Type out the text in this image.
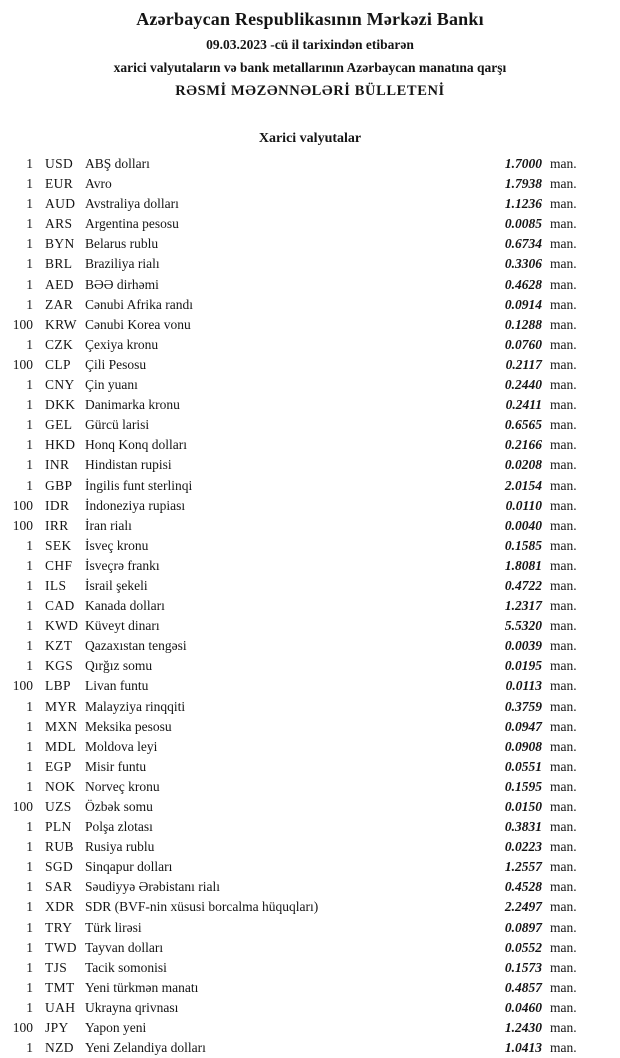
Azərbaycan Respublikasının Mərkəzi Bankı
09.03.2023 -cü il tarixindən etibarən
xarici valyutaların və bank metallarının Azərbaycan manatına qarşı
RƏSMİ MƏZƏNNƏLƏRİ BÜLLETENİ
Xarici valyutalar
1 USD ABŞ dolları	1.7000 man.
1 EUR Avro	1.7938 man.
1 AUD Avstraliya dolları	1.1236 man.
1 ARS Argentina pesosu	0.0085 man.
1 BYN Belarus rublu	0.6734 man.
1 BRL Braziliya rialı	0.3306 man.
1 AED BƏƏ dirhəmi	0.4628 man.
1 ZAR Cənubi Afrika randı	0.0914 man.
100 KRW Cənubi Korea vonu	0.1288 man.
1 CZK Çexiya kronu	0.0760 man.
100 CLP	Çili Pesosu	0.2117 man.
1 CNY Çin yuanı	0.2440 man.
1 DKK Danimarka kronu	0.2411 man.
1 GEL Gürcü larisi	0.6565 man.
1 HKD Honq Konq dolları	0.2166 man.
1 INR	Hindistan rupisi	0.0208 man.
1 GBP İngilis funt sterlinqi	2.0154 man.
100 IDR	İndoneziya rupiası	0.0110 man.
100 IRR	İran rialı	0.0040 man.
1 SEK İsveç kronu	0.1585 man.
1 CHF İsveçrə frankı	1.8081 man.
1 ILS	İsrail şekeli	0.4722 man.
1 CAD Kanada dolları	1.2317 man.
1 KWD Küveyt dinarı	5.5320 man.
1 KZT Qazaxıstan tengəsi	0.0039 man.
1 KGS Qırğız somu	0.0195 man.
100 LBP	Livan funtu	0.0113 man.
1 MYR Malayziya rinqqiti	0.3759 man.
1 MXN Meksika pesosu	0.0947 man.
1 MDL Moldova leyi	0.0908 man.
1 EGP Misir funtu	0.0551 man.
1 NOK Norveç kronu	0.1595 man.
100 UZS Özbək somu	0.0150 man.
1 PLN Polşa zlotası	0.3831 man.
1 RUB Rusiya rublu	0.0223 man.
1 SGD Sinqapur dolları	1.2557 man.
1 SAR Səudiyyə Ərəbistanı rialı	0.4528 man.
1 XDR SDR (BVF-nin xüsusi borcalma hüquqları)	2.2497 man.
1 TRY Türk lirəsi	0.0897 man.
1 TWD Tayvan dolları	0.0552 man.
1 TJS	Tacik somonisi	0.1573 man.
1 TMT Yeni türkmən manatı	0.4857 man.
1 UAH Ukrayna qrivnası	0.0460 man.
100 JPY	Yapon yeni	1.2430 man.
1 NZD Yeni Zelandiya dolları	1.0413 man.
